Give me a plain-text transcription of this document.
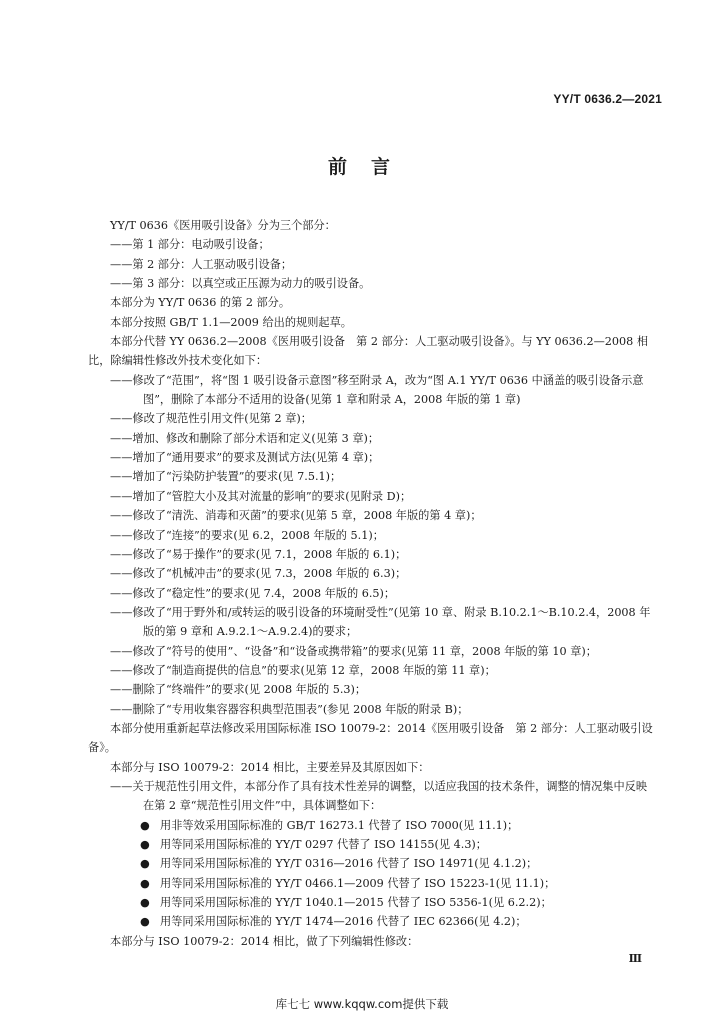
YY/T 0636.2—2021
前言

YY/T 0636《医用吸引设备》分为三个部分：

——第 1 部分：电动吸引设备；

——第 2 部分：人工驱动吸引设备；

——第 3 部分：以真空或正压源为动力的吸引设备。

本部分为 YY/T 0636 的第 2 部分。

本部分按照 GB/T 1.1—2009 给出的规则起草。

本部分代替 YY 0636.2—2008《医用吸引设备　第 2 部分：人工驱动吸引设备》。与 YY 0636.2—2008 相比，除编辑性修改外技术变化如下：

——修改了“范围”，将“图 1 吸引设备示意图”移至附录 A，改为“图 A.1 YY/T 0636 中涵盖的吸引设备示意图”，删除了本部分不适用的设备(见第 1 章和附录 A，2008 年版的第 1 章)

——修改了规范性引用文件(见第 2 章)；

——增加、修改和删除了部分术语和定义(见第 3 章)；

——增加了“通用要求”的要求及测试方法(见第 4 章)；

——增加了“污染防护装置”的要求(见 7.5.1)；

——增加了“管腔大小及其对流量的影响”的要求(见附录 D)；

——修改了“清洗、消毒和灭菌”的要求(见第 5 章，2008 年版的第 4 章)；

——修改了“连接”的要求(见 6.2，2008 年版的 5.1)；

——修改了“易于操作”的要求(见 7.1，2008 年版的 6.1)；

——修改了“机械冲击”的要求(见 7.3，2008 年版的 6.3)；

——修改了“稳定性”的要求(见 7.4，2008 年版的 6.5)；

——修改了“用于野外和/或转运的吸引设备的环境耐受性”(见第 10 章、附录 B.10.2.1～B.10.2.4，2008 年版的第 9 章和 A.9.2.1～A.9.2.4)的要求；

——修改了“符号的使用”、“设备”和“设备或携带箱”的要求(见第 11 章，2008 年版的第 10 章)；

——修改了“制造商提供的信息”的要求(见第 12 章，2008 年版的第 11 章)；

——删除了“终端件”的要求(见 2008 年版的 5.3)；

——删除了“专用收集容器容积典型范围表”(参见 2008 年版的附录 B)；

本部分使用重新起草法修改采用国际标准 ISO 10079-2：2014《医用吸引设备　第 2 部分：人工驱动吸引设备》。

本部分与 ISO 10079-2：2014 相比，主要差异及其原因如下：

——关于规范性引用文件，本部分作了具有技术性差异的调整，以适应我国的技术条件，调整的情况集中反映在第 2 章“规范性引用文件”中，具体调整如下：

● 用非等效采用国际标准的 GB/T 16273.1 代替了 ISO 7000(见 11.1)；
● 用等同采用国际标准的 YY/T 0297 代替了 ISO 14155(见 4.3)；
● 用等同采用国际标准的 YY/T 0316—2016 代替了 ISO 14971(见 4.1.2)；
● 用等同采用国际标准的 YY/T 0466.1—2009 代替了 ISO 15223-1(见 11.1)；
● 用等同采用国际标准的 YY/T 1040.1—2015 代替了 ISO 5356-1(见 6.2.2)；
● 用等同采用国际标准的 YY/T 1474—2016 代替了 IEC 62366(见 4.2)；

本部分与 ISO 10079-2：2014 相比，做了下列编辑性修改：

Ⅲ
库七七 www.kqqw.com提供下载
